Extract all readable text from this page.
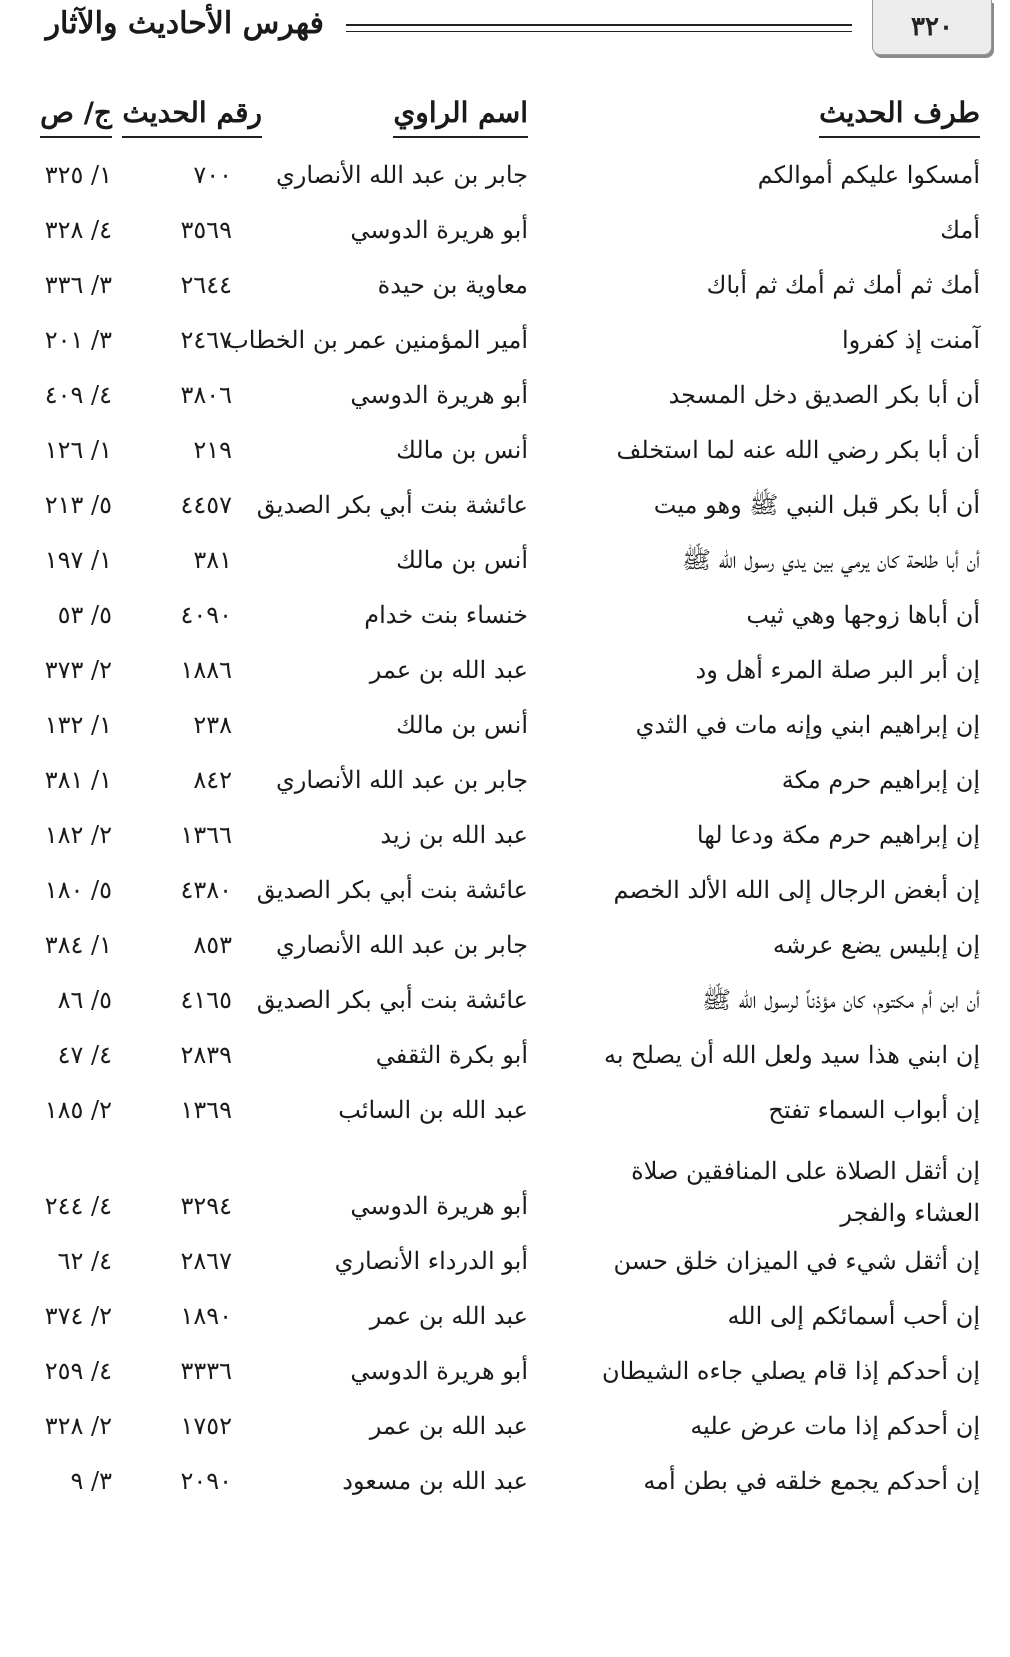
٣٢٠
فهرس الأحاديث والآثار
طرف الحديث
اسم الراوي
رقم الحديث
ج/ ص
أمسكوا عليكم أموالكم
جابر بن عبد الله الأنصاري
٧٠٠
١/ ٣٢٥
أمك
أبو هريرة الدوسي
٣٥٦٩
٤/ ٣٢٨
أمك ثم أمك ثم أمك ثم أباك
معاوية بن حيدة
٢٦٤٤
٣/ ٣٣٦
آمنت إذ كفروا
أمير المؤمنين عمر بن الخطاب
٢٤٦٧
٣/ ٢٠١
أن أبا بكر الصديق دخل المسجد
أبو هريرة الدوسي
٣٨٠٦
٤/ ٤٠٩
أن أبا بكر رضي الله عنه لما استخلف
أنس بن مالك
٢١٩
١/ ١٢٦
أن أبا بكر قبل النبي ﷺ وهو ميت
عائشة بنت أبي بكر الصديق
٤٤٥٧
٥/ ٢١٣
أن أبا طلحة كان يرمي بين يدي رسول الله ﷺ
أنس بن مالك
٣٨١
١/ ١٩٧
أن أباها زوجها وهي ثيب
خنساء بنت خدام
٤٠٩٠
٥/ ٥٣
إن أبر البر صلة المرء أهل ود
عبد الله بن عمر
١٨٨٦
٢/ ٣٧٣
إن إبراهيم ابني وإنه مات في الثدي
أنس بن مالك
٢٣٨
١/ ١٣٢
إن إبراهيم حرم مكة
جابر بن عبد الله الأنصاري
٨٤٢
١/ ٣٨١
إن إبراهيم حرم مكة ودعا لها
عبد الله بن زيد
١٣٦٦
٢/ ١٨٢
إن أبغض الرجال إلى الله الألد الخصم
عائشة بنت أبي بكر الصديق
٤٣٨٠
٥/ ١٨٠
إن إبليس يضع عرشه
جابر بن عبد الله الأنصاري
٨٥٣
١/ ٣٨٤
أن ابن أم مكتوم، كان مؤذناً لرسول الله ﷺ
عائشة بنت أبي بكر الصديق
٤١٦٥
٥/ ٨٦
إن ابني هذا سيد ولعل الله أن يصلح به
أبو بكرة الثقفي
٢٨٣٩
٤/ ٤٧
إن أبواب السماء تفتح
عبد الله بن السائب
١٣٦٩
٢/ ١٨٥
إن أثقل الصلاة على المنافقين صلاة العشاء والفجر
أبو هريرة الدوسي
٣٢٩٤
٤/ ٢٤٤
إن أثقل شيء في الميزان خلق حسن
أبو الدرداء الأنصاري
٢٨٦٧
٤/ ٦٢
إن أحب أسمائكم إلى الله
عبد الله بن عمر
١٨٩٠
٢/ ٣٧٤
إن أحدكم إذا قام يصلي جاءه الشيطان
أبو هريرة الدوسي
٣٣٣٦
٤/ ٢٥٩
إن أحدكم إذا مات عرض عليه
عبد الله بن عمر
١٧٥٢
٢/ ٣٢٨
إن أحدكم يجمع خلقه في بطن أمه
عبد الله بن مسعود
٢٠٩٠
٣/ ٩
